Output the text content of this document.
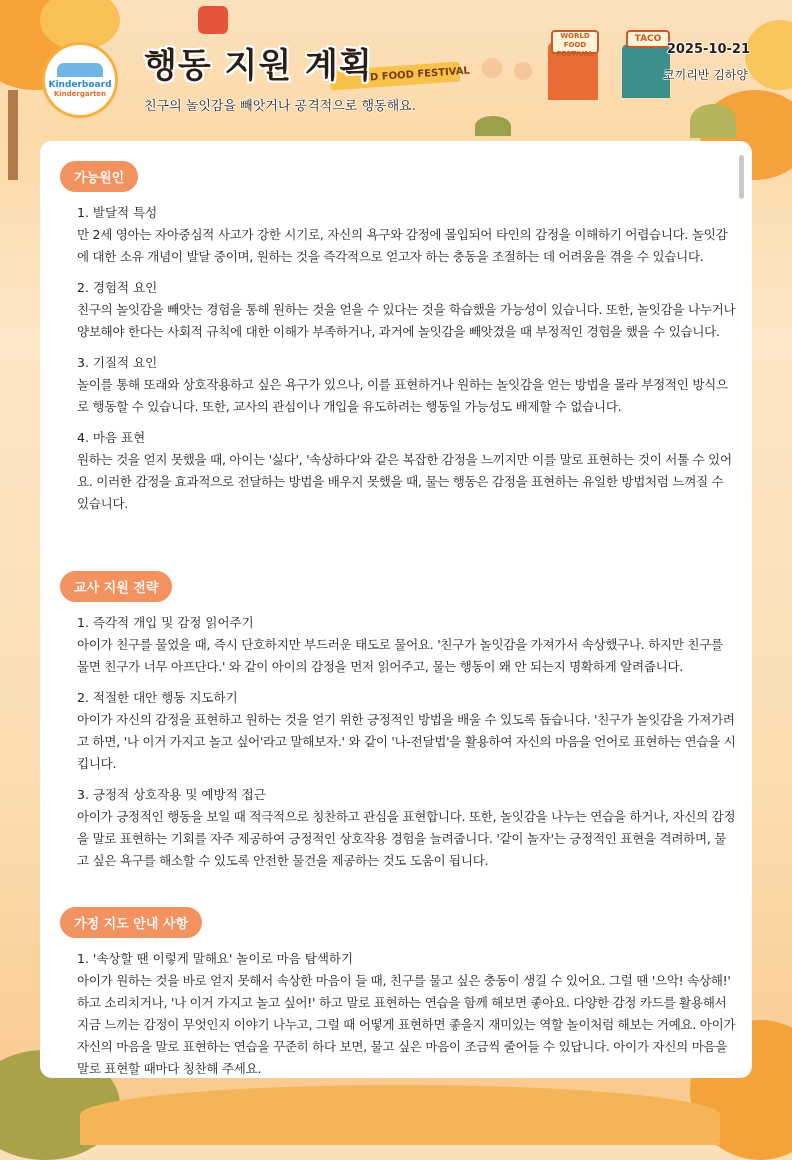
D FOOD FESTIVAL
WORLD FOOD FESTIVAL
TACO
Kinderboard
Kindergarten
행동 지원 계획
친구의 놀잇감을 빼앗거나 공격적으로 행동해요.
2025-10-21
코끼리반 김하양
가능원인
1. 발달적 특성
만 2세 영아는 자아중심적 사고가 강한 시기로, 자신의 욕구와 감정에 몰입되어 타인의 감정을 이해하기 어렵습니다. 놀잇감에 대한 소유 개념이 발달 중이며, 원하는 것을 즉각적으로 얻고자 하는 충동을 조절하는 데 어려움을 겪을 수 있습니다.
2. 경험적 요인
친구의 놀잇감을 빼앗는 경험을 통해 원하는 것을 얻을 수 있다는 것을 학습했을 가능성이 있습니다. 또한, 놀잇감을 나누거나 양보해야 한다는 사회적 규칙에 대한 이해가 부족하거나, 과거에 놀잇감을 빼앗겼을 때 부정적인 경험을 했을 수 있습니다.
3. 기질적 요인
놀이를 통해 또래와 상호작용하고 싶은 욕구가 있으나, 이를 표현하거나 원하는 놀잇감을 얻는 방법을 몰라 부정적인 방식으로 행동할 수 있습니다. 또한, 교사의 관심이나 개입을 유도하려는 행동일 가능성도 배제할 수 없습니다.
4. 마음 표현
원하는 것을 얻지 못했을 때, 아이는 '싫다', '속상하다'와 같은 복잡한 감정을 느끼지만 이를 말로 표현하는 것이 서툴 수 있어요. 이러한 감정을 효과적으로 전달하는 방법을 배우지 못했을 때, 물는 행동은 감정을 표현하는 유일한 방법처럼 느껴질 수 있습니다.
교사 지원 전략
1. 즉각적 개입 및 감정 읽어주기
아이가 친구를 물었을 때, 즉시 단호하지만 부드러운 태도로 물어요. '친구가 놀잇감을 가져가서 속상했구나. 하지만 친구를 물면 친구가 너무 아프단다.' 와 같이 아이의 감정을 먼저 읽어주고, 물는 행동이 왜 안 되는지 명확하게 알려줍니다.
2. 적절한 대안 행동 지도하기
아이가 자신의 감정을 표현하고 원하는 것을 얻기 위한 긍정적인 방법을 배울 수 있도록 돕습니다. '친구가 놀잇감을 가져가려고 하면, '나 이거 가지고 놀고 싶어'라고 말해보자.' 와 같이 '나-전달법'을 활용하여 자신의 마음을 언어로 표현하는 연습을 시킵니다.
3. 긍정적 상호작용 및 예방적 접근
아이가 긍정적인 행동을 보일 때 적극적으로 칭찬하고 관심을 표현합니다. 또한, 놀잇감을 나누는 연습을 하거나, 자신의 감정을 말로 표현하는 기회를 자주 제공하여 긍정적인 상호작용 경험을 늘려줍니다. '같이 놀자'는 긍정적인 표현을 격려하며, 물고 싶은 욕구를 해소할 수 있도록 안전한 물건을 제공하는 것도 도움이 됩니다.
가정 지도 안내 사항
1. '속상할 땐 이렇게 말해요' 놀이로 마음 탐색하기
아이가 원하는 것을 바로 얻지 못해서 속상한 마음이 들 때, 친구를 물고 싶은 충동이 생길 수 있어요. 그럴 땐 '으악! 속상해!' 하고 소리치거나, '나 이거 가지고 놀고 싶어!' 하고 말로 표현하는 연습을 함께 해보면 좋아요. 다양한 감정 카드를 활용해서 지금 느끼는 감정이 무엇인지 이야기 나누고, 그럴 때 어떻게 표현하면 좋을지 재미있는 역할 놀이처럼 해보는 거예요. 아이가 자신의 마음을 말로 표현하는 연습을 꾸준히 하다 보면, 물고 싶은 마음이 조금씩 줄어들 수 있답니다. 아이가 자신의 마음을 말로 표현할 때마다 칭찬해 주세요.
